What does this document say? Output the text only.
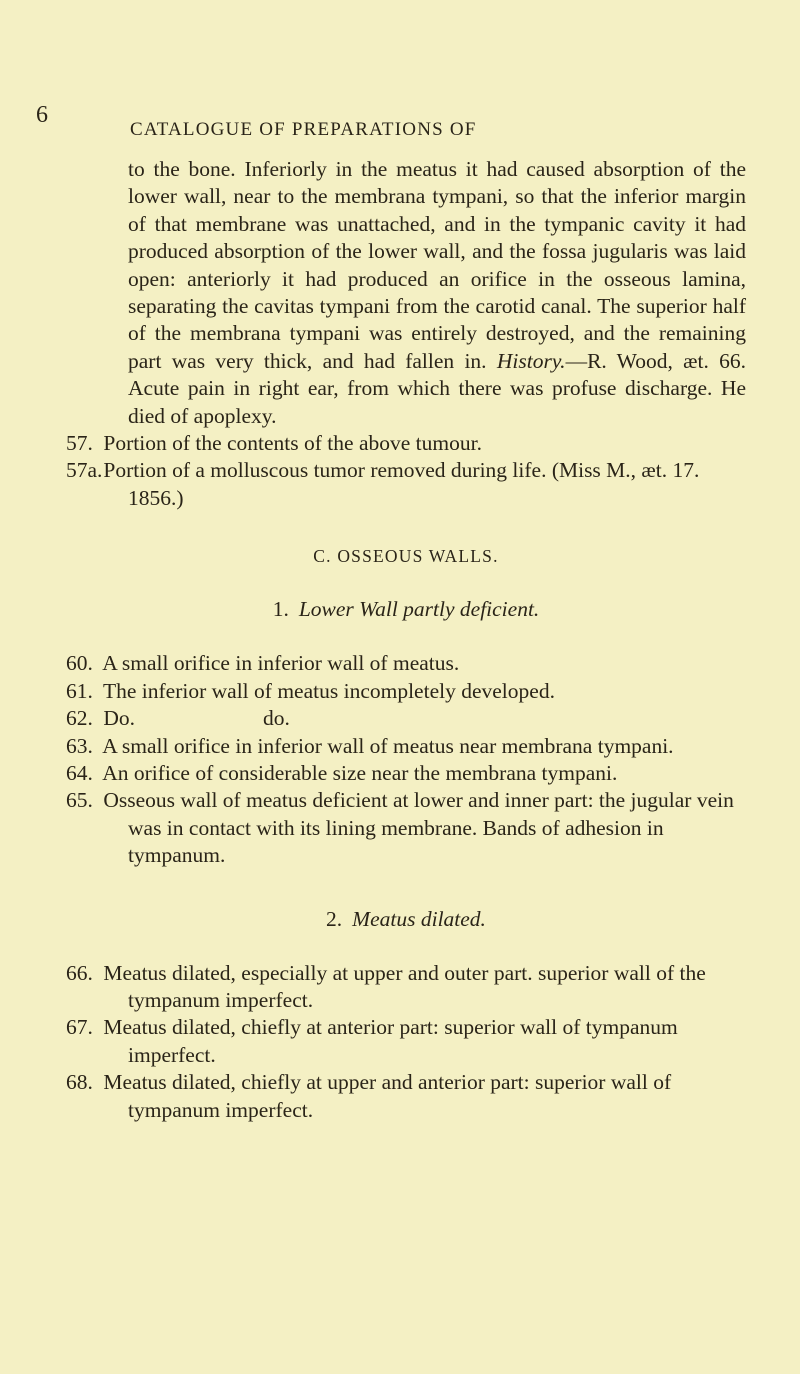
6
CATALOGUE OF PREPARATIONS OF

to the bone. Inferiorly in the meatus it had caused absorption of the lower wall, near to the membrana tympani, so that the inferior margin of that membrane was unattached, and in the tympanic cavity it had produced absorption of the lower wall, and the fossa jugularis was laid open: anteriorly it had produced an orifice in the osseous lamina, separating the cavitas tympani from the carotid canal. The superior half of the membrana tympani was entirely destroyed, and the remaining part was very thick, and had fallen in. History.—R. Wood, æt. 66. Acute pain in right ear, from which there was profuse discharge. He died of apoplexy.

57. Portion of the contents of the above tumour.

57a. Portion of a molluscous tumor removed during life. (Miss M., æt. 17. 1856.)

C. OSSEOUS WALLS.
1. Lower Wall partly deficient.

60. A small orifice in inferior wall of meatus.

61. The inferior wall of meatus incompletely developed.

62. Do.	do.

63. A small orifice in inferior wall of meatus near membrana tympani.

64. An orifice of considerable size near the membrana tympani.

65. Osseous wall of meatus deficient at lower and inner part: the jugular vein was in contact with its lining membrane. Bands of adhesion in tympanum.

2. Meatus dilated.

66. Meatus dilated, especially at upper and outer part. superior wall of the tympanum imperfect.

67. Meatus dilated, chiefly at anterior part: superior wall of tympanum imperfect.

68. Meatus dilated, chiefly at upper and anterior part: superior wall of tympanum imperfect.
